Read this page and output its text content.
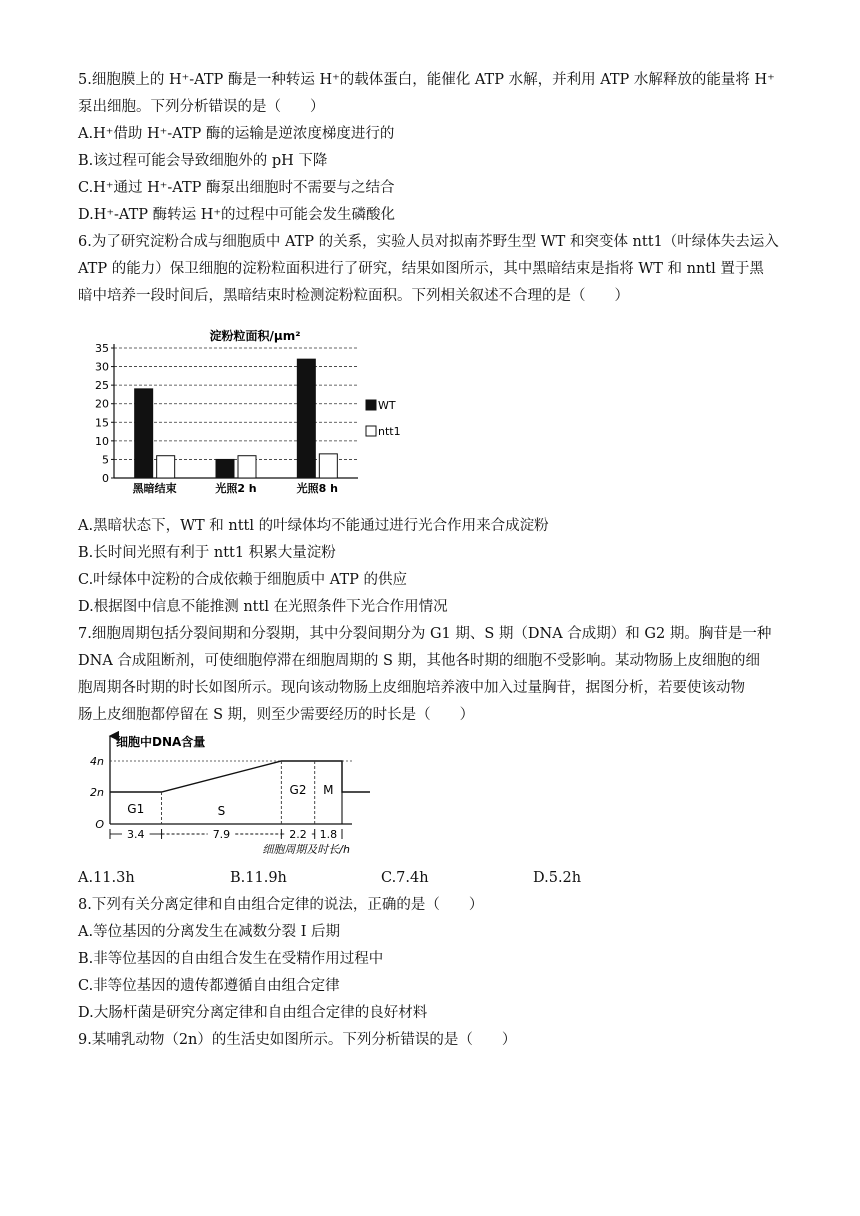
5.细胞膜上的 H⁺-ATP 酶是一种转运 H⁺的载体蛋白，能催化 ATP 水解，并利用 ATP 水解释放的能量将 H⁺
泵出细胞。下列分析错误的是（　　）
A.H⁺借助 H⁺-ATP 酶的运输是逆浓度梯度进行的
B.该过程可能会导致细胞外的 pH 下降
C.H⁺通过 H⁺-ATP 酶泵出细胞时不需要与之结合
D.H⁺-ATP 酶转运 H⁺的过程中可能会发生磷酸化
6.为了研究淀粉合成与细胞质中 ATP 的关系，实验人员对拟南芥野生型 WT 和突变体 ntt1（叶绿体失去运入
ATP 的能力）保卫细胞的淀粉粒面积进行了研究，结果如图所示，其中黑暗结束是指将 WT 和 nntl 置于黑
暗中培养一段时间后，黑暗结束时检测淀粉粒面积。下列相关叙述不合理的是（　　）
淀粉粒面积/μm²
0
5
10
15
20
25
30
35
黑暗结束	光照2 h	光照8 h
WT
ntt1
A.黑暗状态下，WT 和 nttl 的叶绿体均不能通过进行光合作用来合成淀粉
B.长时间光照有利于 ntt1 积累大量淀粉
C.叶绿体中淀粉的合成依赖于细胞质中 ATP 的供应
D.根据图中信息不能推测 nttl 在光照条件下光合作用情况
7.细胞周期包括分裂间期和分裂期，其中分裂间期分为 G1 期、S 期（DNA 合成期）和 G2 期。胸苷是一种
DNA 合成阻断剂，可使细胞停滞在细胞周期的 S 期，其他各时期的细胞不受影响。某动物肠上皮细胞的细
胞周期各时期的时长如图所示。现向该动物肠上皮细胞培养液中加入过量胸苷，据图分析，若要使该动物
肠上皮细胞都停留在 S 期，则至少需要经历的时长是（　　）
细胞中DNA含量
O
2n
4n
G1	S
G2 M
3.4	7.9	2.2 1.8
细胞周期及时长/h
A.11.3h	B.11.9h	C.7.4h	D.5.2h
8.下列有关分离定律和自由组合定律的说法，正确的是（　　）
A.等位基因的分离发生在减数分裂 I 后期
B.非等位基因的自由组合发生在受精作用过程中
C.非等位基因的遗传都遵循自由组合定律
D.大肠杆菌是研究分离定律和自由组合定律的良好材料
9.某哺乳动物（2n）的生活史如图所示。下列分析错误的是（　　）
